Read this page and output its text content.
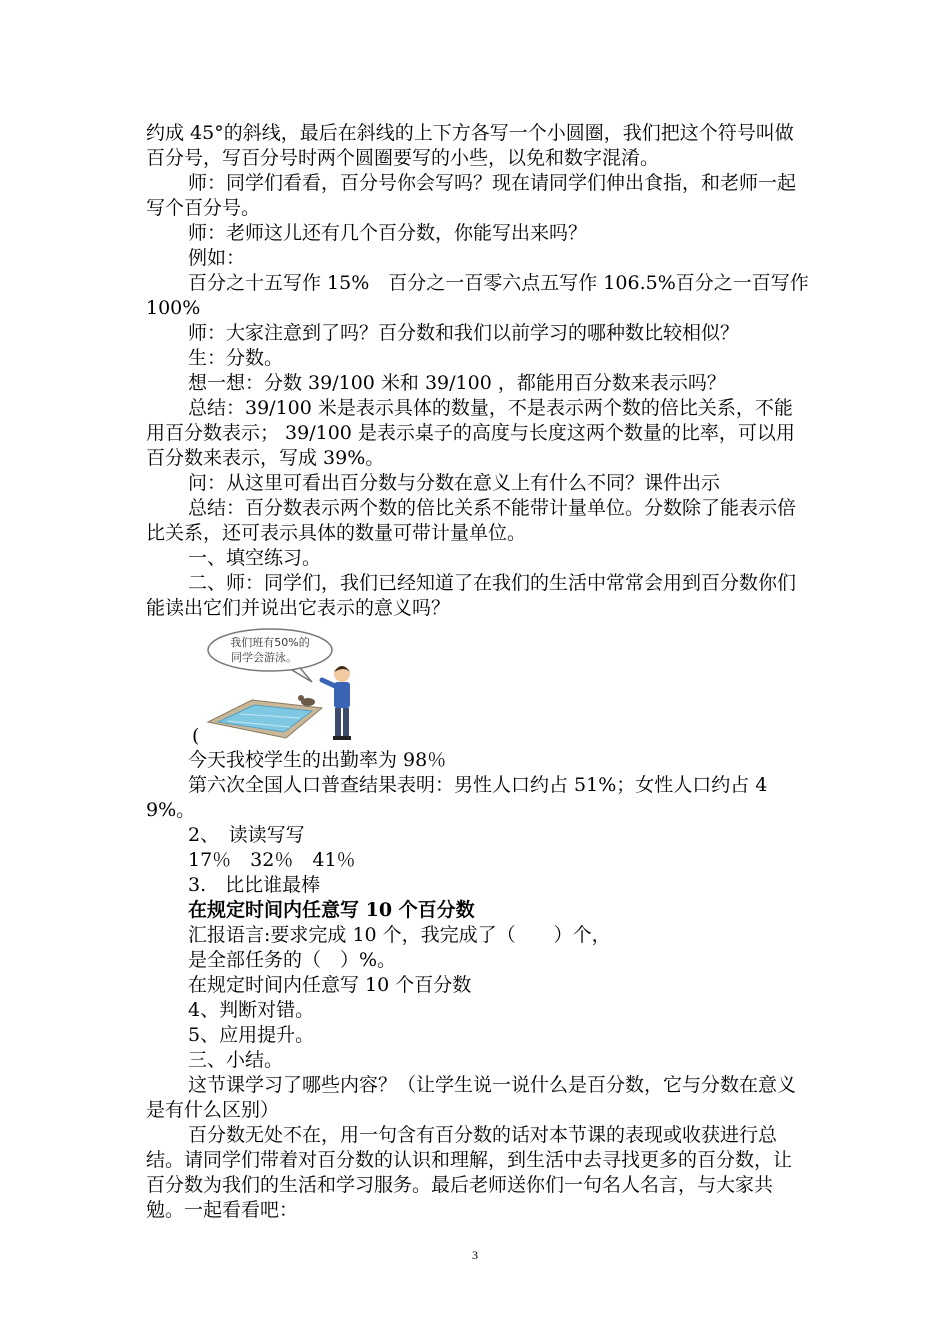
约成 45°的斜线，最后在斜线的上下方各写一个小圆圈，我们把这个符号叫做百分号，写百分号时两个圆圈要写的小些，以免和数字混淆。

师：同学们看看，百分号你会写吗？现在请同学们伸出食指，和老师一起写个百分号。

师：老师这儿还有几个百分数，你能写出来吗？

例如：

百分之十五写作 15%　百分之一百零六点五写作 106.5%百分之一百写作 100%

师：大家注意到了吗？百分数和我们以前学习的哪种数比较相似？

生：分数。

想一想：分数 39/100 米和 39/100 ，都能用百分数来表示吗？

总结：39/100 米是表示具体的数量，不是表示两个数的倍比关系，不能用百分数表示； 39/100 是表示桌子的高度与长度这两个数量的比率，可以用百分数来表示，写成 39%。

问：从这里可看出百分数与分数在意义上有什么不同？课件出示

总结：百分数表示两个数的倍比关系不能带计量单位。分数除了能表示倍比关系，还可表示具体的数量可带计量单位。

一、填空练习。

二、师：同学们，我们已经知道了在我们的生活中常常会用到百分数你们能读出它们并说出它表示的意义吗？

(
我们班有50%的
同学会游泳。

今天我校学生的出勤率为 98％

第六次全国人口普查结果表明：男性人口约占 51%；女性人口约占 49%。

2、　读读写写

17％　32％　41％

3.　比比谁最棒

在规定时间内任意写 10 个百分数

汇报语言:要求完成 10 个，我完成了（　　）个，

是全部任务的（　）%。

在规定时间内任意写 10 个百分数

4、判断对错。

5、应用提升。

三、小结。

这节课学习了哪些内容？（让学生说一说什么是百分数，它与分数在意义是有什么区别）

百分数无处不在，用一句含有百分数的话对本节课的表现或收获进行总结。请同学们带着对百分数的认识和理解，到生活中去寻找更多的百分数，让百分数为我们的生活和学习服务。最后老师送你们一句名人名言，与大家共勉。一起看看吧：

3
